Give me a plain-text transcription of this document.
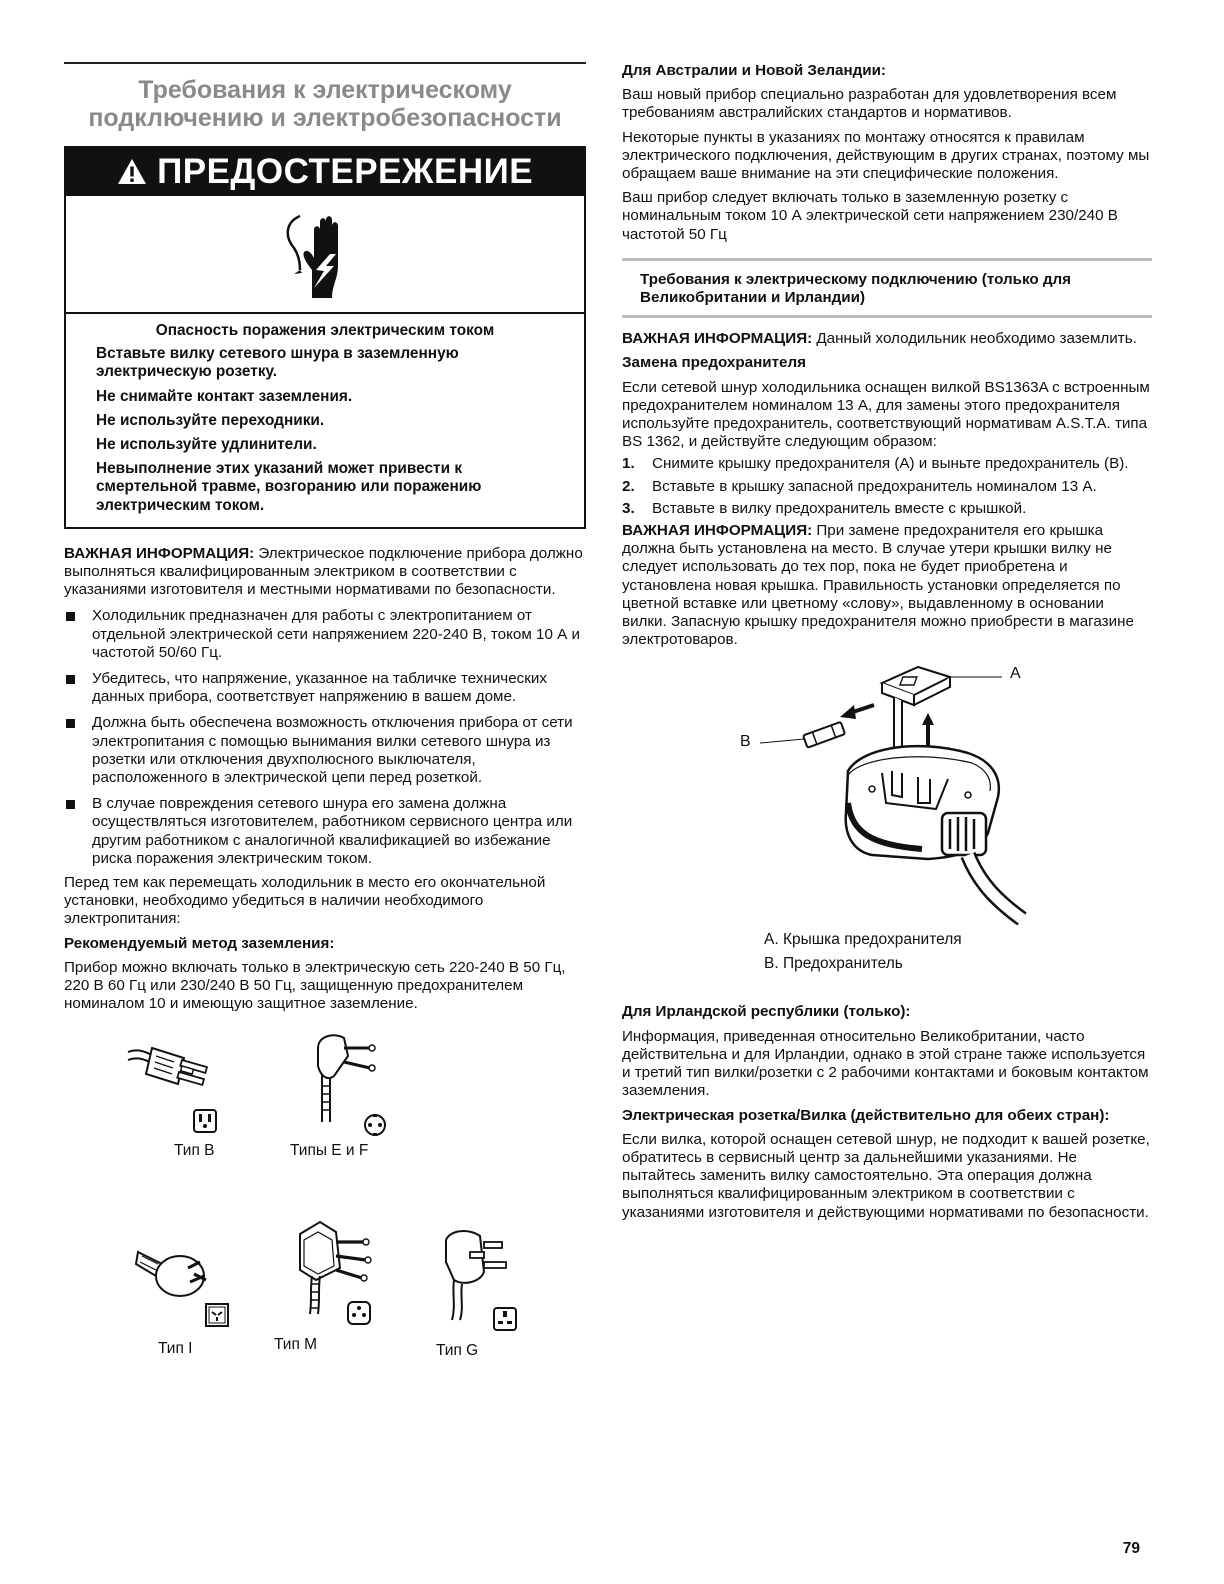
Требования к электрическому подключению и электробезопасности
ПРЕДОСТЕРЕЖЕНИЕ
Опасность поражения электрическим током

Вставьте вилку сетевого шнура в заземленную электрическую розетку.

Не снимайте контакт заземления.

Не используйте переходники.

Не используйте удлинители.

Невыполнение этих указаний может привести к смертельной травме, возгоранию или поражению электрическим током.

ВАЖНАЯ ИНФОРМАЦИЯ: Электрическое подключение прибора должно выполняться квалифицированным электриком в соответствии с указаниями изготовителя и местными нормативами по безопасности.

Холодильник предназначен для работы с электропитанием от отдельной электрической сети напряжением 220-240 В, током 10 А и частотой 50/60 Гц.
Убедитесь, что напряжение, указанное на табличке технических данных прибора, соответствует напряжению в вашем доме.
Должна быть обеспечена возможность отключения прибора от сети электропитания с помощью вынимания вилки сетевого шнура из розетки или отключения двухполюсного выключателя, расположенного в электрической цепи перед розеткой.
В случае повреждения сетевого шнура его замена должна осуществляться изготовителем, работником сервисного центра или другим работником с аналогичной квалификацией во избежание риска поражения электрическим током.

Перед тем как перемещать холодильник в место его окончательной установки, необходимо убедиться в наличии необходимого электропитания:

Рекомендуемый метод заземления:

Прибор можно включать только в электрическую сеть 220-240 В 50 Гц, 220 В 60 Гц или 230/240 В 50 Гц, защищенную предохранителем номиналом 10 и имеющую защитное заземление.

Тип B	Типы E и F
Тип I	Тип M	Тип G

Для Австралии и Новой Зеландии:

Ваш новый прибор специально разработан для удовлетворения всем требованиям австралийских стандартов и нормативов.

Некоторые пункты в указаниях по монтажу относятся к правилам электрического подключения, действующим в других странах, поэтому мы обращаем ваше внимание на эти специфические положения.

Ваш прибор следует включать только в заземленную розетку с номинальным током 10 А электрической сети напряжением 230/240 В частотой 50 Гц

Требования к электрическому подключению (только для Великобритании и Ирландии)

ВАЖНАЯ ИНФОРМАЦИЯ: Данный холодильник необходимо заземлить.

Замена предохранителя

Если сетевой шнур холодильника оснащен вилкой BS1363A с встроенным предохранителем номиналом 13 А, для замены этого предохранителя используйте предохранитель, соответствующий нормативам A.S.T.A. типа BS 1362, и действуйте следующим образом:

1. Снимите крышку предохранителя (А) и выньте предохранитель (В).
2. Вставьте в крышку запасной предохранитель номиналом 13 А.
3. Вставьте в вилку предохранитель вместе с крышкой.

ВАЖНАЯ ИНФОРМАЦИЯ: При замене предохранителя его крышка должна быть установлена на место. В случае утери крышки вилку не следует использовать до тех пор, пока не будет приобретена и установлена новая крышка. Правильность установки определяется по цветной вставке или цветному «слову», выдавленному в основании вилки. Запасную крышку предохранителя можно приобрести в магазине электротоваров.

A
B

A. Крышка предохранителя

B. Предохранитель

Для Ирландской республики (только):

Информация, приведенная относительно Великобритании, часто действительна и для Ирландии, однако в этой стране также используется и третий тип вилки/розетки с 2 рабочими контактами и боковым контактом заземления.

Электрическая розетка/Вилка (действительно для обеих стран):

Если вилка, которой оснащен сетевой шнур, не подходит к вашей розетке, обратитесь в сервисный центр за дальнейшими указаниями. Не пытайтесь заменить вилку самостоятельно. Эта операция должна выполняться квалифицированным электриком в соответствии с указаниями изготовителя и действующими нормативами по безопасности.

79
